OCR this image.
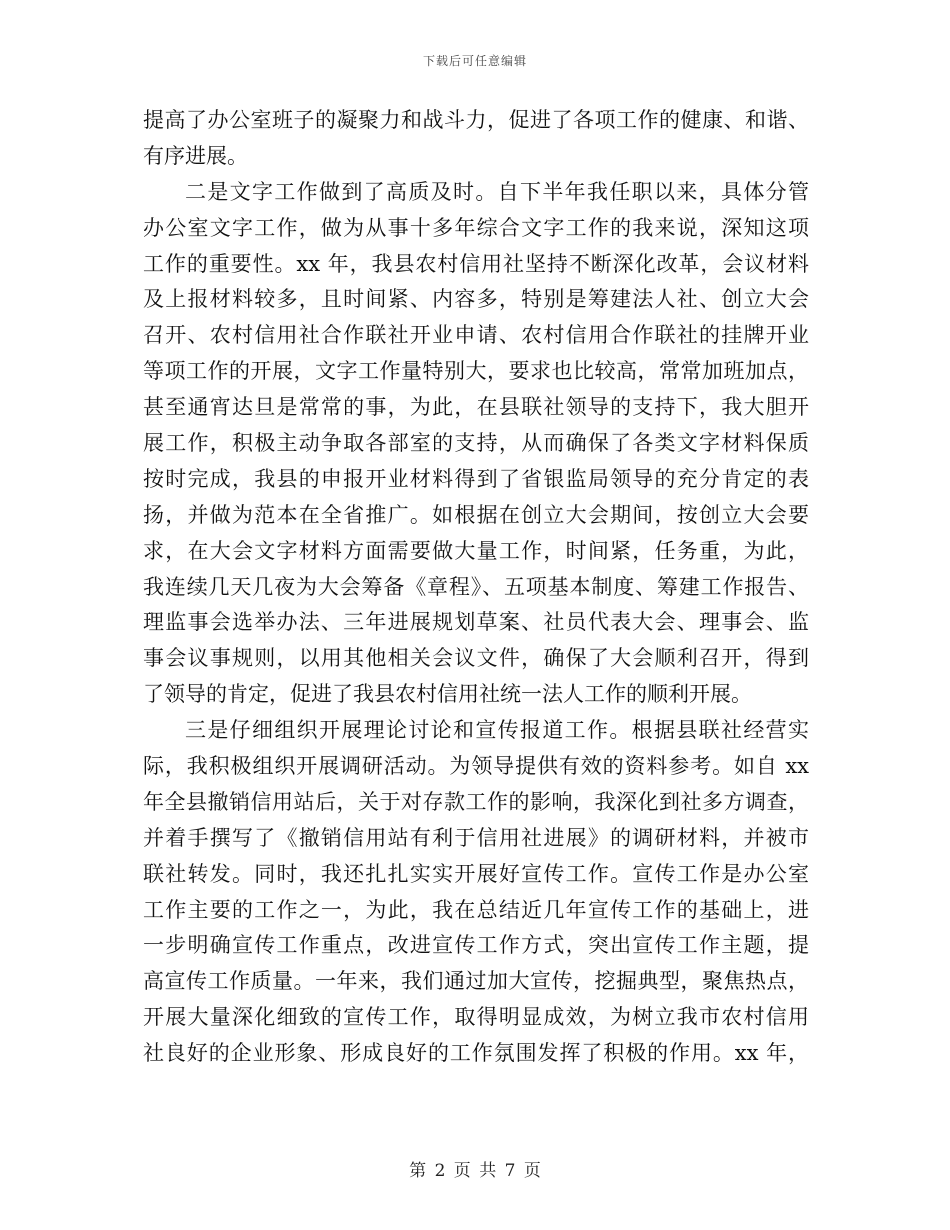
下载后可任意编辑
提高了办公室班子的凝聚力和战斗力，促进了各项工作的健康、和谐、
有序进展。
二是文字工作做到了高质及时。自下半年我任职以来，具体分管
办公室文字工作，做为从事十多年综合文字工作的我来说，深知这项
工作的重要性。xx 年，我县农村信用社坚持不断深化改革，会议材料
及上报材料较多，且时间紧、内容多，特别是筹建法人社、创立大会
召开、农村信用社合作联社开业申请、农村信用合作联社的挂牌开业
等项工作的开展，文字工作量特别大，要求也比较高，常常加班加点，
甚至通宵达旦是常常的事，为此，在县联社领导的支持下，我大胆开
展工作，积极主动争取各部室的支持，从而确保了各类文字材料保质
按时完成，我县的申报开业材料得到了省银监局领导的充分肯定的表
扬，并做为范本在全省推广。如根据在创立大会期间，按创立大会要
求，在大会文字材料方面需要做大量工作，时间紧，任务重，为此，
我连续几天几夜为大会筹备《章程》、五项基本制度、筹建工作报告、
理监事会选举办法、三年进展规划草案、社员代表大会、理事会、监
事会议事规则，以用其他相关会议文件，确保了大会顺利召开，得到
了领导的肯定，促进了我县农村信用社统一法人工作的顺利开展。
三是仔细组织开展理论讨论和宣传报道工作。根据县联社经营实
际，我积极组织开展调研活动。为领导提供有效的资料参考。如自 xx
年全县撤销信用站后，关于对存款工作的影响，我深化到社多方调查，
并着手撰写了《撤销信用站有利于信用社进展》的调研材料，并被市
联社转发。同时，我还扎扎实实开展好宣传工作。宣传工作是办公室
工作主要的工作之一，为此，我在总结近几年宣传工作的基础上，进
一步明确宣传工作重点，改进宣传工作方式，突出宣传工作主题，提
高宣传工作质量。一年来，我们通过加大宣传，挖掘典型，聚焦热点，
开展大量深化细致的宣传工作，取得明显成效，为树立我市农村信用
社良好的企业形象、形成良好的工作氛围发挥了积极的作用。xx 年，
第 2 页 共 7 页
